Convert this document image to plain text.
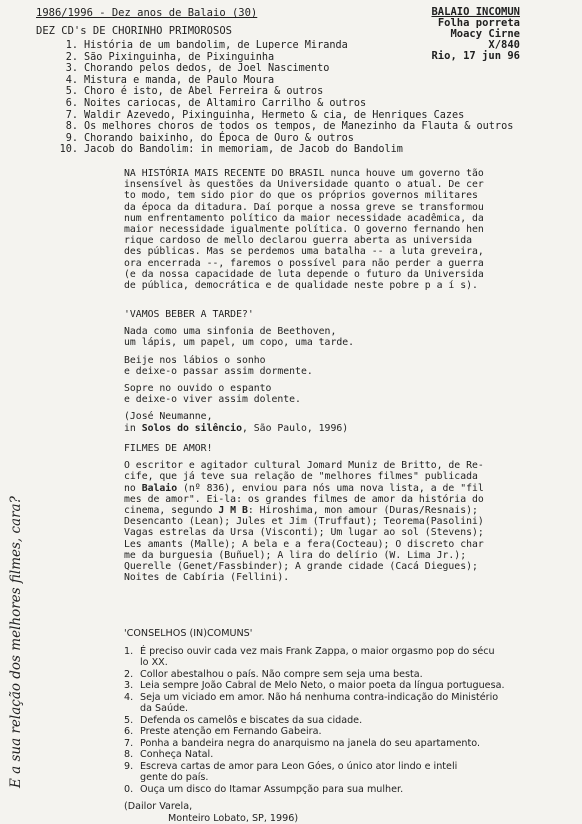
1986/1996 - Dez anos de Balaio (30)
DEZ CD's DE CHORINHO PRIMOROSOS
1. História de um bandolim, de Luperce Miranda
2. São Pixinguinha, de Pixinguinha
3. Chorando pelos dedos, de Joel Nascimento
4. Mistura e manda, de Paulo Moura
5. Choro é isto, de Abel Ferreira & outros
6. Noites cariocas, de Altamiro Carrilho & outros
7. Waldir Azevedo, Pixinguinha, Hermeto & cia, de Henriques Cazes
8. Os melhores choros de todos os tempos, de Manezinho da Flauta & outros
9. Chorando baixinho, do Época de Ouro & outros
10. Jacob do Bandolim: in memoriam, de Jacob do Bandolim
BALAIO INCOMUN
Folha porreta
Moacy Cirne
X/840
Rio, 17 jun 96

NA HISTÓRIA MAIS RECENTE DO BRASIL nunca houve um governo tão

insensível às questões da Universidade quanto o atual. De cer

to modo, tem sido pior do que os próprios governos militares

da época da ditadura. Daí porque a nossa greve se transformou

num enfrentamento político da maior necessidade acadêmica, da

maior necessidade igualmente política. O governo fernando hen

rique cardoso de mello declarou guerra aberta as universida

des públicas. Mas se perdemos uma batalha -- a luta greveira,

ora encerrada --, faremos o possível para não perder a guerra

(e da nossa capacidade de luta depende o futuro da Universida

de pública, democrática e de qualidade neste pobre p a í s).

'VAMOS BEBER A TARDE?'

Nada como uma sinfonia de Beethoven,

um lápis, um papel, um copo, uma tarde.

Beije nos lábios o sonho

e deixe-o passar assim dormente.

Sopre no ouvido o espanto

e deixe-o viver assim dolente.

(José Neumanne,

in Solos do silêncio, São Paulo, 1996)

FILMES DE AMOR!

O escritor e agitador cultural Jomard Muniz de Britto, de Re-

cife, que já teve sua relação de "melhores filmes" publicada

no Balaio (nº 836), enviou para nós uma nova lista, a de "fil

mes de amor". Ei-la: os grandes filmes de amor da história do

cinema, segundo J M B: Hiroshima, mon amour (Duras/Resnais);

Desencanto (Lean); Jules et Jim (Truffaut); Teorema(Pasolini)

Vagas estrelas da Ursa (Visconti); Um lugar ao sol (Stevens);

Les amants (Malle); A bela e a fera(Cocteau); O discreto char

me da burguesia (Buñuel); A lira do delírio (W. Lima Jr.);

Querelle (Genet/Fassbinder); A grande cidade (Cacá Diegues);

Noites de Cabíria (Fellini).

'CONSELHOS (IN)COMUNS'
1. É preciso ouvir cada vez mais Frank Zappa, o maior orgasmo pop do sécu
lo XX.
2. Collor abestalhou o país. Não compre sem seja uma besta.
3. Leia sempre João Cabral de Melo Neto, o maior poeta da língua portuguesa.
4. Seja um viciado em amor. Não há nenhuma contra-indicação do Ministério
da Saúde.
5. Defenda os camelôs e biscates da sua cidade.
6. Preste atenção em Fernando Gabeira.
7. Ponha a bandeira negra do anarquismo na janela do seu apartamento.
8. Conheça Natal.
9. Escreva cartas de amor para Leon Góes, o único ator lindo e inteli
gente do país.
0. Ouça um disco do Itamar Assumpção para sua mulher.
(Dailor Varela,
Monteiro Lobato, SP, 1996)
E a sua relação dos melhores filmes, cara?
